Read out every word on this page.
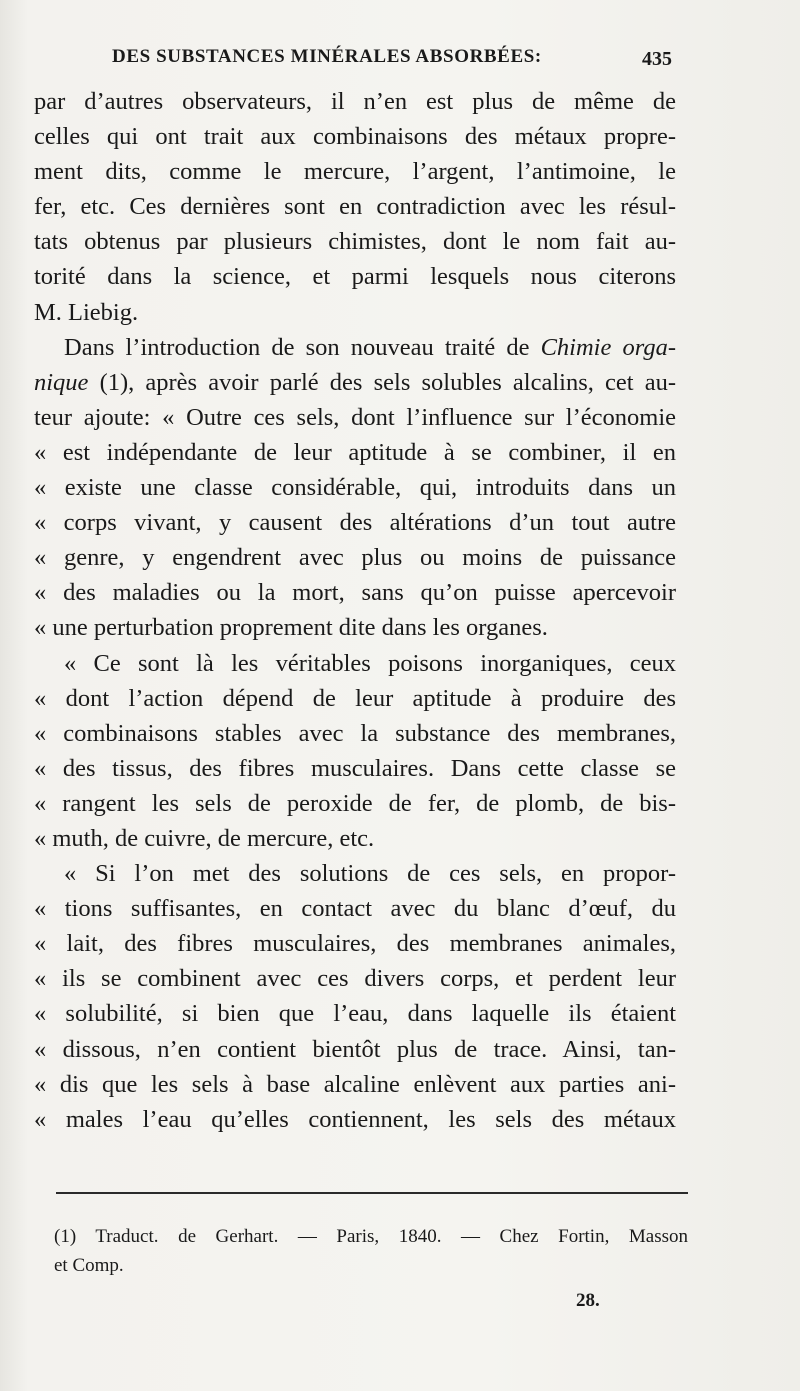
DES SUBSTANCES MINÉRALES ABSORBÉES:	435
par d’autres observateurs, il n’en est plus de même de
celles qui ont trait aux combinaisons des métaux propre-
ment dits, comme le mercure, l’argent, l’antimoine, le
fer, etc. Ces dernières sont en contradiction avec les résul-
tats obtenus par plusieurs chimistes, dont le nom fait au-
torité dans la science, et parmi lesquels nous citerons
M. Liebig.
Dans l’introduction de son nouveau traité de Chimie orga-
nique (1), après avoir parlé des sels solubles alcalins, cet au-
teur ajoute: « Outre ces sels, dont l’influence sur l’économie
« est indépendante de leur aptitude à se combiner, il en
« existe une classe considérable, qui, introduits dans un
« corps vivant, y causent des altérations d’un tout autre
« genre, y engendrent avec plus ou moins de puissance
« des maladies ou la mort, sans qu’on puisse apercevoir
« une perturbation proprement dite dans les organes.
« Ce sont là les véritables poisons inorganiques, ceux
« dont l’action dépend de leur aptitude à produire des
« combinaisons stables avec la substance des membranes,
« des tissus, des fibres musculaires. Dans cette classe se
« rangent les sels de peroxide de fer, de plomb, de bis-
« muth, de cuivre, de mercure, etc.
« Si l’on met des solutions de ces sels, en propor-
« tions suffisantes, en contact avec du blanc d’œuf, du
« lait, des fibres musculaires, des membranes animales,
« ils se combinent avec ces divers corps, et perdent leur
« solubilité, si bien que l’eau, dans laquelle ils étaient
« dissous, n’en contient bientôt plus de trace. Ainsi, tan-
« dis que les sels à base alcaline enlèvent aux parties ani-
« males l’eau qu’elles contiennent, les sels des métaux
(1) Traduct. de Gerhart. — Paris, 1840. — Chez Fortin, Masson
et Comp.
28.
